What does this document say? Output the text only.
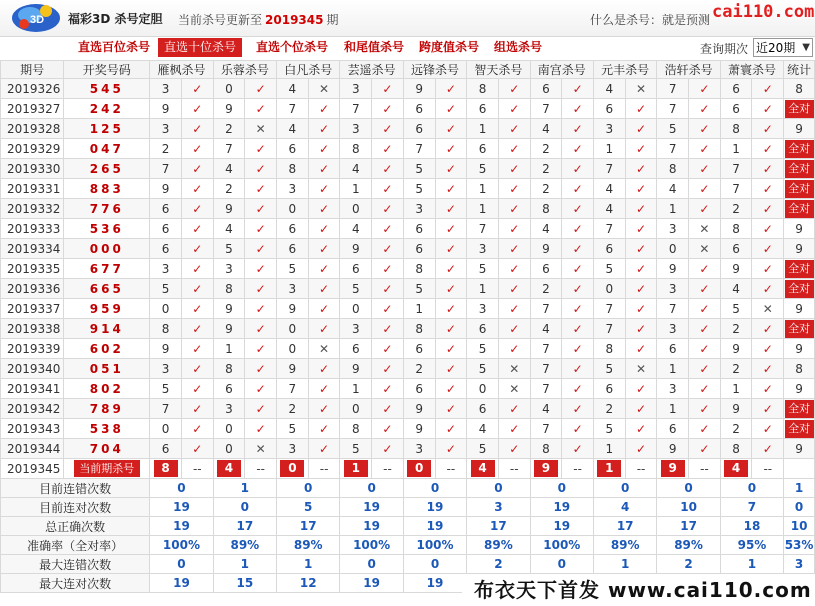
3D 福彩3D 杀号定胆 当前杀号更新至 2019345 期	什么是杀号：就是预测 cai110.com
直选百位杀号	直选十位杀号	直选个位杀号 和尾值杀号 跨度值杀号 组选杀号	查询期次 近20期 ▼
期号	开奖号码	雁枫杀号		乐蓉杀号		白凡杀号		芸遥杀号		远锋杀号		智天杀号		南宫杀号		元丰杀号		浩轩杀号		萧寰杀号		统计
2019326	545	3	✓	0	✓	4	✕	3	✓	9	✓	8	✓	6	✓	4	✕	7	✓	6	✓	8
2019327	242	9	✓	9	✓	7	✓	7	✓	6	✓	6	✓	7	✓	6	✓	7	✓	6	✓	全对
2019328	125	3	✓	2	✕	4	✓	3	✓	6	✓	1	✓	4	✓	3	✓	5	✓	8	✓	9
2019329	047	2	✓	7	✓	6	✓	8	✓	7	✓	6	✓	2	✓	1	✓	7	✓	1	✓	全对
2019330	265	7	✓	4	✓	8	✓	4	✓	5	✓	5	✓	2	✓	7	✓	8	✓	7	✓	全对
2019331	883	9	✓	2	✓	3	✓	1	✓	5	✓	1	✓	2	✓	4	✓	4	✓	7	✓	全对
2019332	776	6	✓	9	✓	0	✓	0	✓	3	✓	1	✓	8	✓	4	✓	1	✓	2	✓	全对
2019333	536	6	✓	4	✓	6	✓	4	✓	6	✓	7	✓	4	✓	7	✓	3	✕	8	✓	9
2019334	000	6	✓	5	✓	6	✓	9	✓	6	✓	3	✓	9	✓	6	✓	0	✕	6	✓	9
2019335	677	3	✓	3	✓	5	✓	6	✓	8	✓	5	✓	6	✓	5	✓	9	✓	9	✓	全对
2019336	665	5	✓	8	✓	3	✓	5	✓	5	✓	1	✓	2	✓	0	✓	3	✓	4	✓	全对
2019337	959	0	✓	9	✓	9	✓	0	✓	1	✓	3	✓	7	✓	7	✓	7	✓	5	✕	9
2019338	914	8	✓	9	✓	0	✓	3	✓	8	✓	6	✓	4	✓	7	✓	3	✓	2	✓	全对
2019339	602	9	✓	1	✓	0	✕	6	✓	6	✓	5	✓	7	✓	8	✓	6	✓	9	✓	9
2019340	051	3	✓	8	✓	9	✓	9	✓	2	✓	5	✕	7	✓	5	✕	1	✓	2	✓	8
2019341	802	5	✓	6	✓	7	✓	1	✓	6	✓	0	✕	7	✓	6	✓	3	✓	1	✓	9
2019342	789	7	✓	3	✓	2	✓	0	✓	9	✓	6	✓	4	✓	2	✓	1	✓	9	✓	全对
2019343	538	0	✓	0	✓	5	✓	8	✓	9	✓	4	✓	7	✓	5	✓	6	✓	2	✓	全对
2019344	704	6	✓	0	✕	3	✓	5	✓	3	✓	5	✓	8	✓	1	✓	9	✓	8	✓	9
2019345	当前期杀号	8	--	4	--	0	--	1	--	0	--	4	--	9	--	1	--	9	--	4	--	
目前连错次数		0		1		0		0		0		0		0		0		0		0		1
目前连对次数		19		0		5		19		19		3		19		4		10		7		0
总正确次数		19		17		17		19		19		17		19		17		17		18		10
准确率（全对率）		100%		89%		89%		100%		100%		89%		100%		89%		89%		95%		53%
最大连错次数		0		1		1		0		0		2		0		1		2		1		3
最大连对次数		19		15		12		19		19													布衣天下首发 www.cai110.com
